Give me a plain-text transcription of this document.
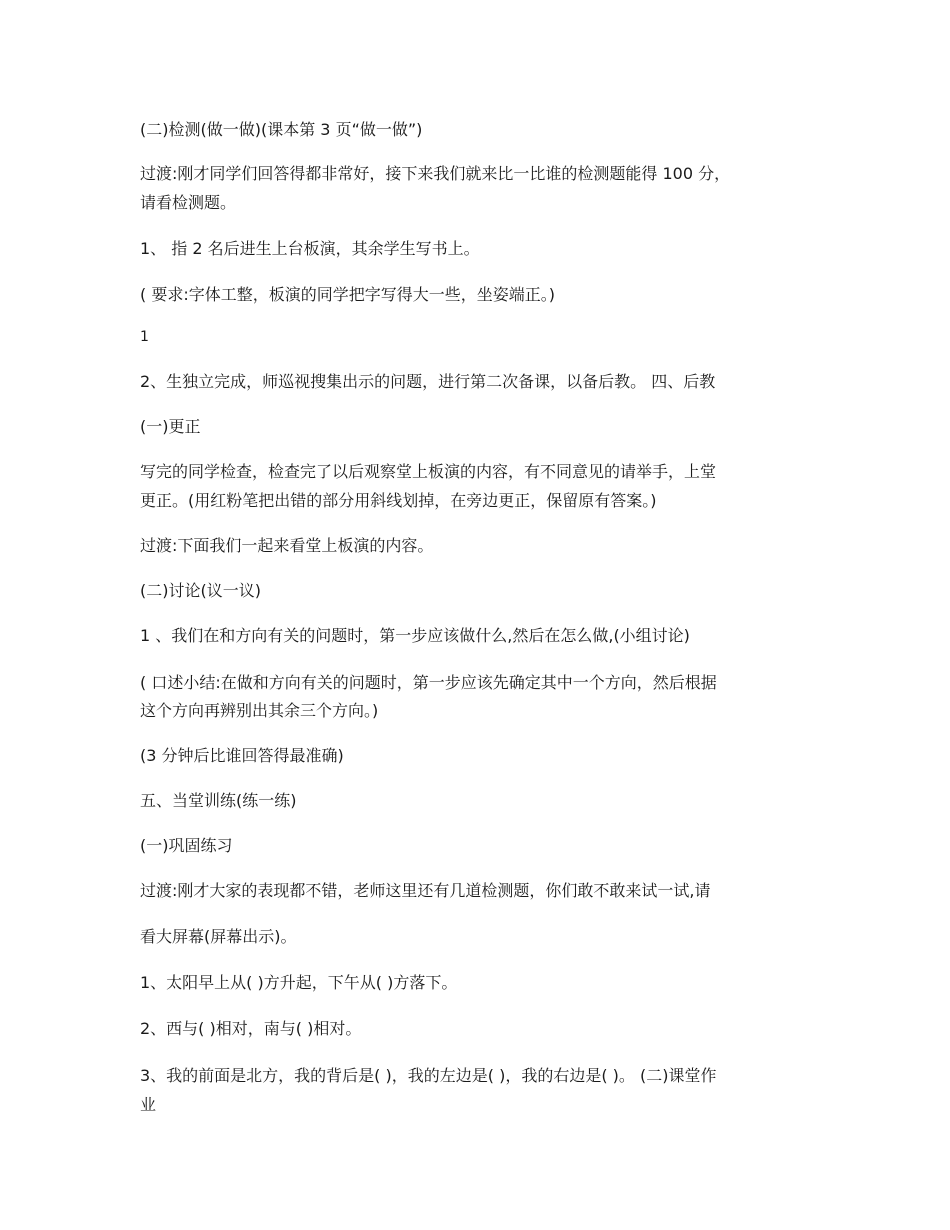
(二)检测(做一做)(课本第 3 页“做一做”)

过渡:刚才同学们回答得都非常好，接下来我们就来比一比谁的检测题能得 100 分，

请看检测题。

1、 指 2 名后进生上台板演，其余学生写书上。

( 要求:字体工整，板演的同学把字写得大一些，坐姿端正。)

1

2、生独立完成，师巡视搜集出示的问题，进行第二次备课，以备后教。 四、后教

(一)更正

写完的同学检查，检查完了以后观察堂上板演的内容，有不同意见的请举手，上堂

更正。(用红粉笔把出错的部分用斜线划掉，在旁边更正，保留原有答案。)

过渡:下面我们一起来看堂上板演的内容。

(二)讨论(议一议)

1 、我们在和方向有关的问题时，第一步应该做什么,然后在怎么做,(小组讨论)

( 口述小结:在做和方向有关的问题时，第一步应该先确定其中一个方向，然后根据

这个方向再辨别出其余三个方向。)

(3 分钟后比谁回答得最准确)

五、当堂训练(练一练)

(一)巩固练习

过渡:刚才大家的表现都不错，老师这里还有几道检测题，你们敢不敢来试一试,请

看大屏幕(屏幕出示)。

1、太阳早上从( )方升起，下午从( )方落下。

2、西与( )相对，南与( )相对。

3、我的前面是北方，我的背后是( )，我的左边是( )，我的右边是( )。 (二)课堂作

业
